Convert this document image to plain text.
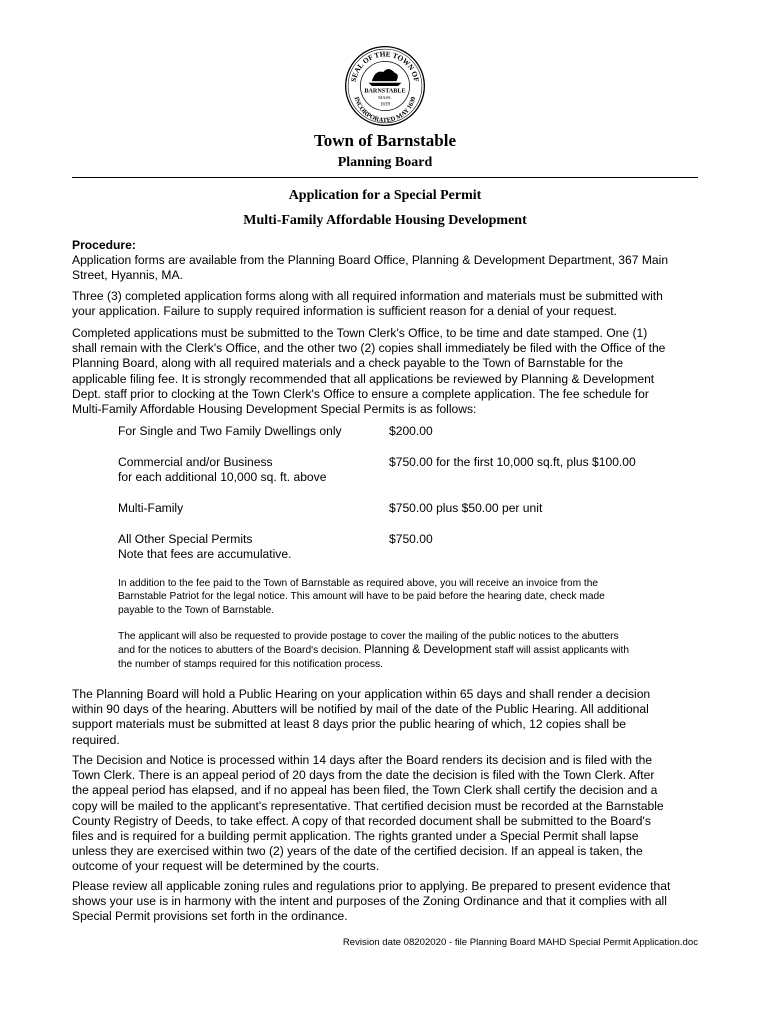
SEAL OF THE TOWN OF
INCORPORATED MAY 1639
BARNSTABLE
MASS.
1639
Town of Barnstable
Planning Board
Application for a Special Permit
Multi-Family Affordable Housing Development
Procedure:
Application forms are available from the Planning Board Office, Planning & Development Department, 367 Main
Street, Hyannis, MA.
Three (3) completed application forms along with all required information and materials must be submitted with
your application. Failure to supply required information is sufficient reason for a denial of your request.
Completed applications must be submitted to the Town Clerk's Office, to be time and date stamped. One (1)
shall remain with the Clerk's Office, and the other two (2) copies shall immediately be filed with the Office of the
Planning Board, along with all required materials and a check payable to the Town of Barnstable for the
applicable filing fee. It is strongly recommended that all applications be reviewed by Planning & Development
Dept. staff prior to clocking at the Town Clerk's Office to ensure a complete application. The fee schedule for
Multi-Family Affordable Housing Development Special Permits is as follows:
For Single and Two Family Dwellings only	$200.00
Commercial and/or Business
for each additional 10,000 sq. ft. above
$750.00 for the first 10,000 sq.ft, plus $100.00
Multi-Family	$750.00 plus $50.00 per unit
All Other Special Permits
Note that fees are accumulative.
$750.00
In addition to the fee paid to the Town of Barnstable as required above, you will receive an invoice from the
Barnstable Patriot for the legal notice. This amount will have to be paid before the hearing date, check made
payable to the Town of Barnstable.
The applicant will also be requested to provide postage to cover the mailing of the public notices to the abutters
and for the notices to abutters of the Board's decision. Planning & Development staff will assist applicants with
the number of stamps required for this notification process.
The Planning Board will hold a Public Hearing on your application within 65 days and shall render a decision
within 90 days of the hearing. Abutters will be notified by mail of the date of the Public Hearing. All additional
support materials must be submitted at least 8 days prior the public hearing of which, 12 copies shall be
required.
The Decision and Notice is processed within 14 days after the Board renders its decision and is filed with the
Town Clerk. There is an appeal period of 20 days from the date the decision is filed with the Town Clerk. After
the appeal period has elapsed, and if no appeal has been filed, the Town Clerk shall certify the decision and a
copy will be mailed to the applicant's representative. That certified decision must be recorded at the Barnstable
County Registry of Deeds, to take effect. A copy of that recorded document shall be submitted to the Board's
files and is required for a building permit application. The rights granted under a Special Permit shall lapse
unless they are exercised within two (2) years of the date of the certified decision. If an appeal is taken, the
outcome of your request will be determined by the courts.
Please review all applicable zoning rules and regulations prior to applying. Be prepared to present evidence that
shows your use is in harmony with the intent and purposes of the Zoning Ordinance and that it complies with all
Special Permit provisions set forth in the ordinance.
Revision date 08202020 - file Planning Board MAHD Special Permit Application.doc
